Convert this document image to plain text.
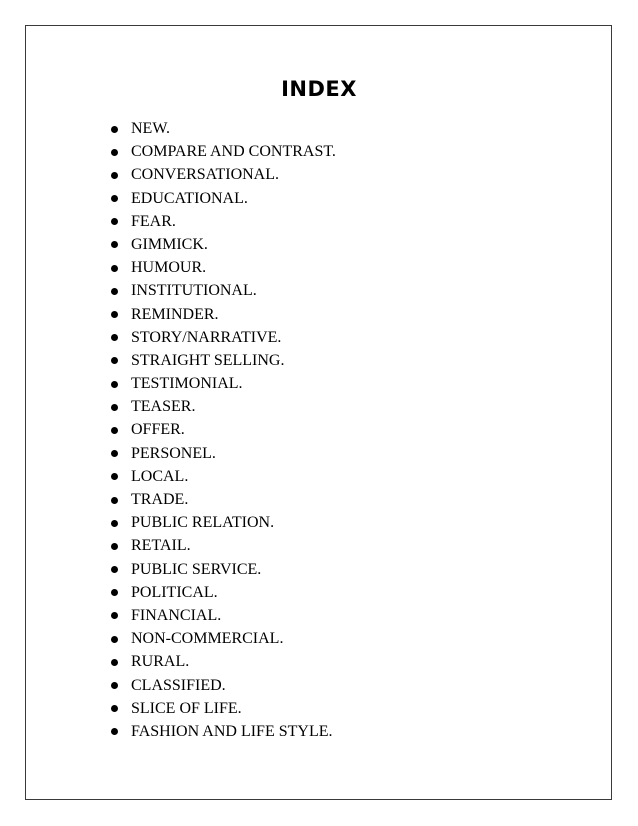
INDEX
NEW.
COMPARE AND CONTRAST.
CONVERSATIONAL.
EDUCATIONAL.
FEAR.
GIMMICK.
HUMOUR.
INSTITUTIONAL.
REMINDER.
STORY/NARRATIVE.
STRAIGHT SELLING.
TESTIMONIAL.
TEASER.
OFFER.
PERSONEL.
LOCAL.
TRADE.
PUBLIC RELATION.
RETAIL.
PUBLIC SERVICE.
POLITICAL.
FINANCIAL.
NON-COMMERCIAL.
RURAL.
CLASSIFIED.
SLICE OF LIFE.
FASHION AND LIFE STYLE.
